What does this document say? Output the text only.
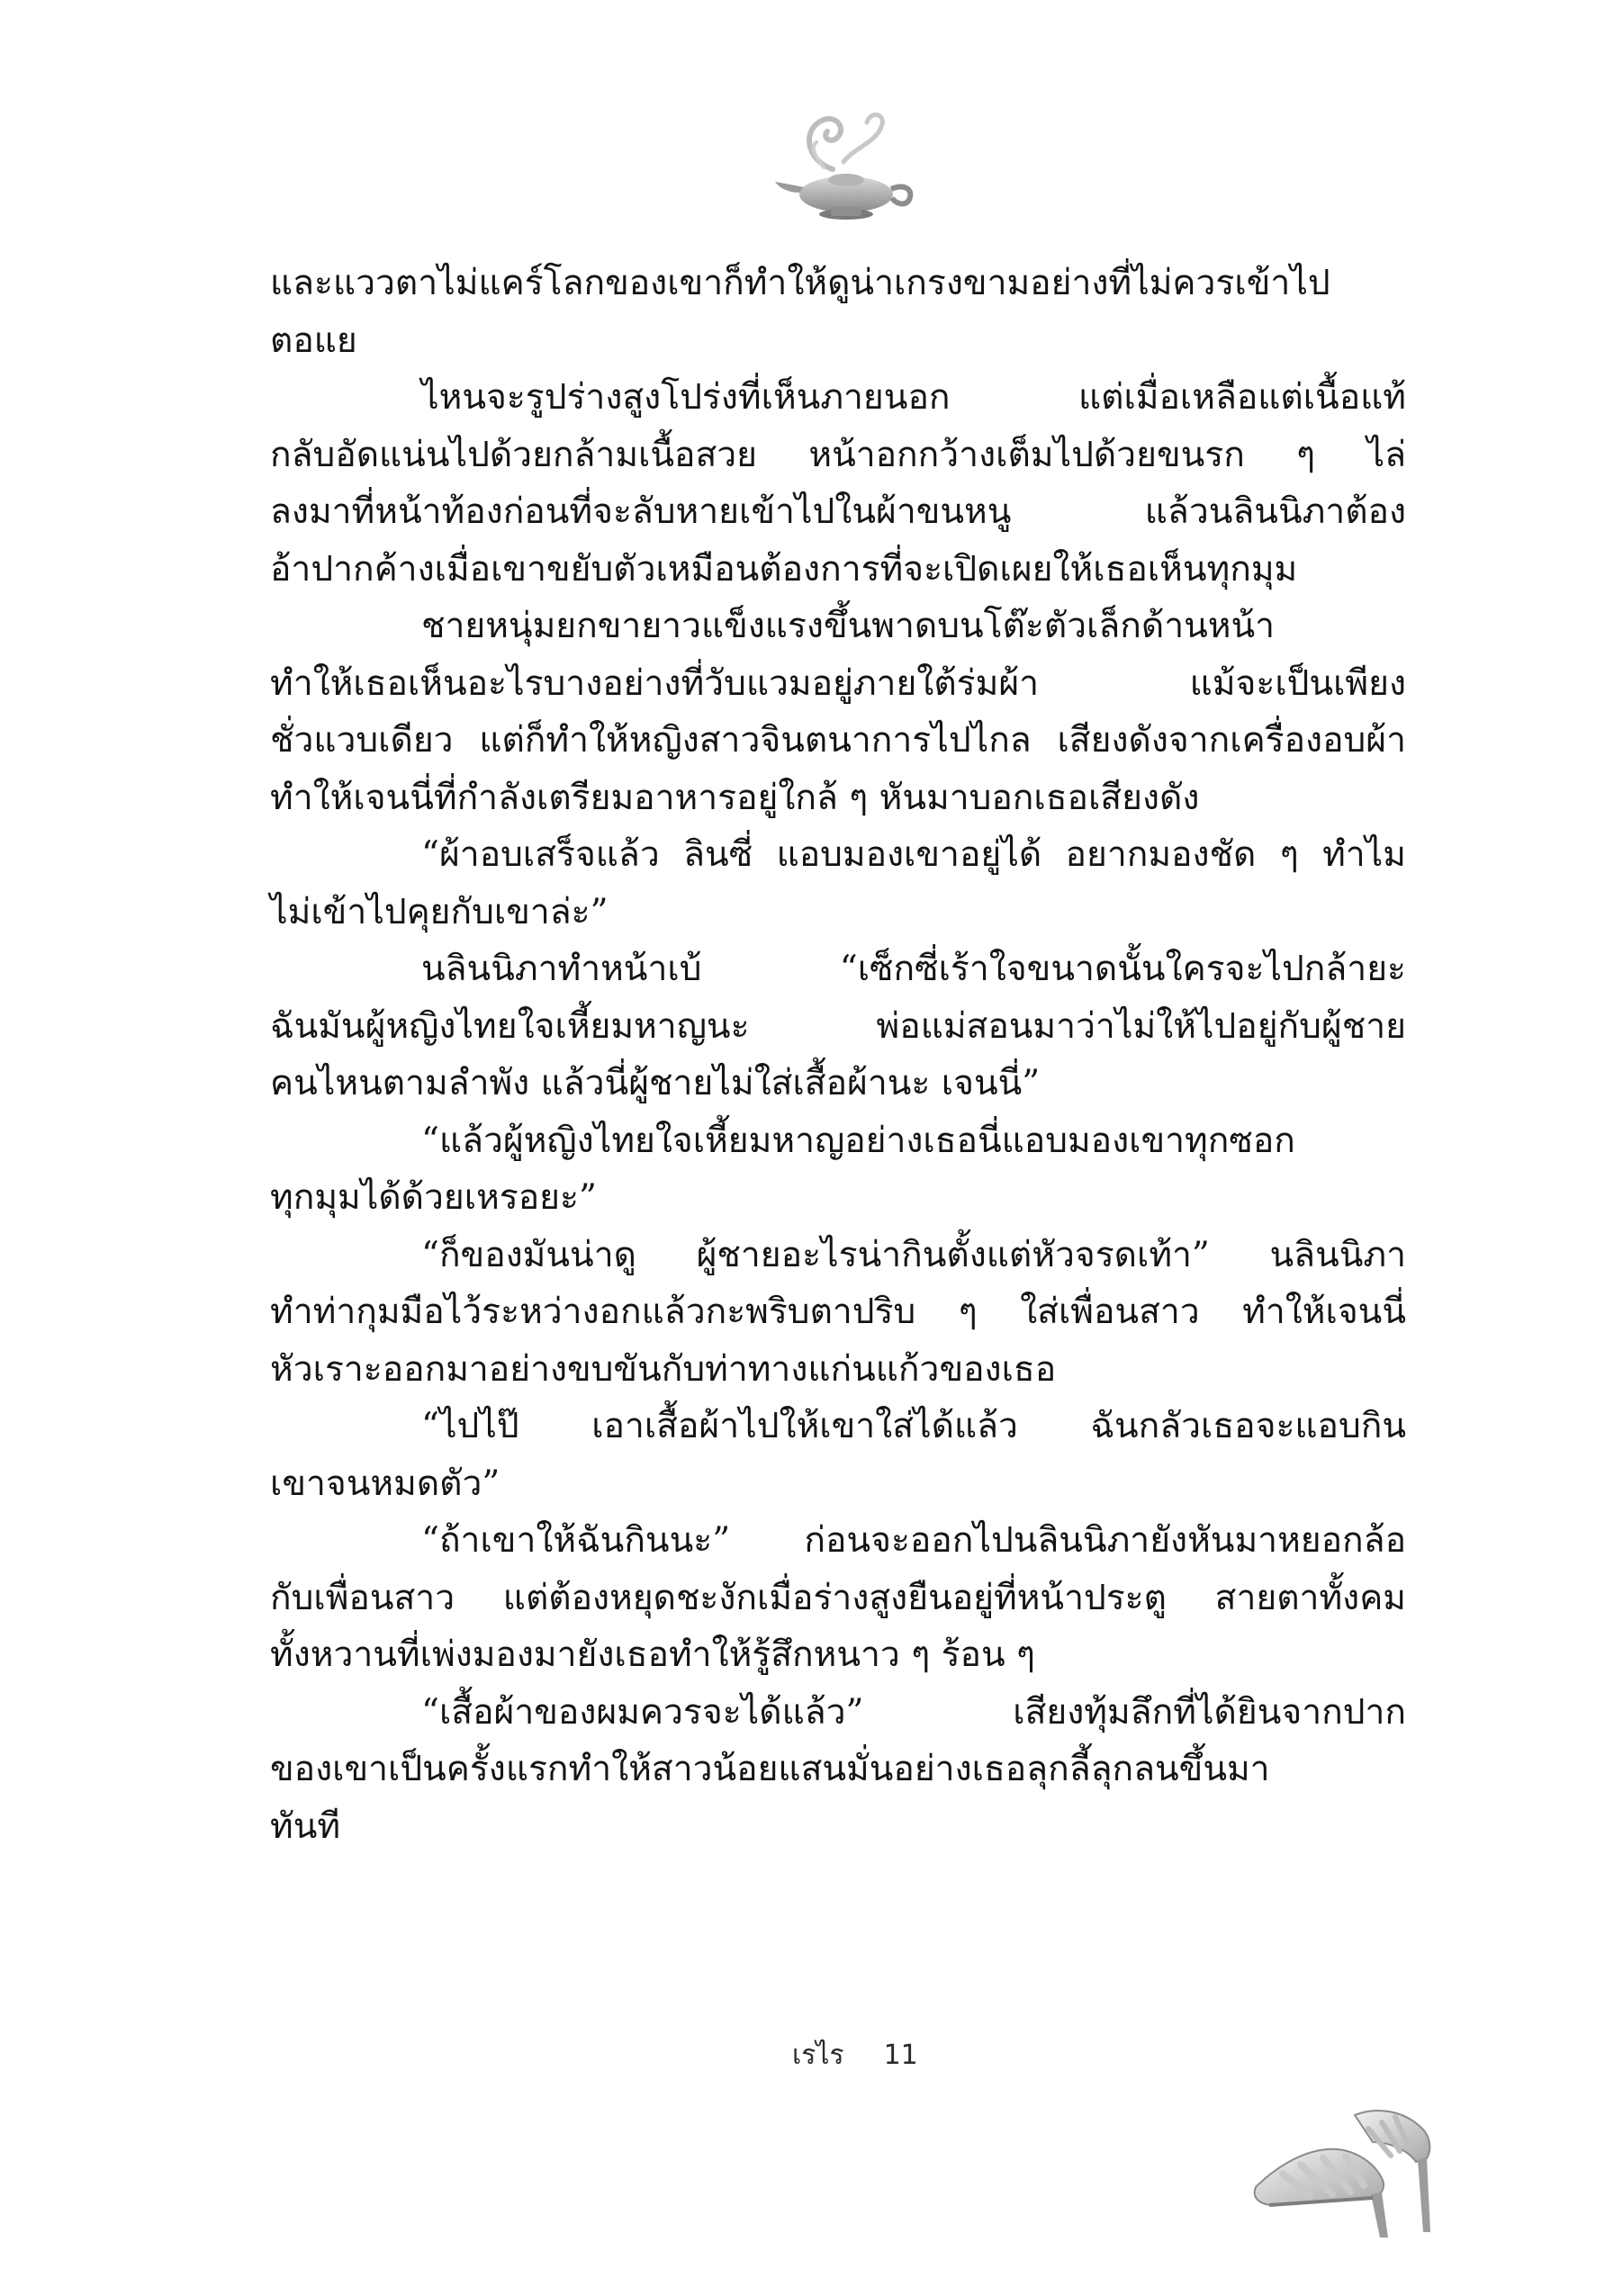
และแววตาไม่แคร์โลกของเขาก็ทำให้ดูน่าเกรงขามอย่างที่ไม่ควรเข้าไป
ตอแย
ไหนจะรูปร่างสูงโปร่งที่เห็นภายนอก แต่เมื่อเหลือแต่เนื้อแท้
กลับอัดแน่นไปด้วยกล้ามเนื้อสวย หน้าอกกว้างเต็มไปด้วยขนรก ๆ ไล่
ลงมาที่หน้าท้องก่อนที่จะลับหายเข้าไปในผ้าขนหนู แล้วนลินนิภาต้อง
อ้าปากค้างเมื่อเขาขยับตัวเหมือนต้องการที่จะเปิดเผยให้เธอเห็นทุกมุม
ชายหนุ่มยกขายาวแข็งแรงขึ้นพาดบนโต๊ะตัวเล็กด้านหน้า
ทำให้เธอเห็นอะไรบางอย่างที่วับแวมอยู่ภายใต้ร่มผ้า แม้จะเป็นเพียง
ชั่วแวบเดียว แต่ก็ทำให้หญิงสาวจินตนาการไปไกล เสียงดังจากเครื่องอบผ้า
ทำให้เจนนี่ที่กำลังเตรียมอาหารอยู่ใกล้ ๆ หันมาบอกเธอเสียงดัง
“ผ้าอบเสร็จแล้ว ลินซี่ แอบมองเขาอยู่ได้ อยากมองชัด ๆ ทำไม
ไม่เข้าไปคุยกับเขาล่ะ”
นลินนิภาทำหน้าเบ้ “เซ็กซี่เร้าใจขนาดนั้นใครจะไปกล้ายะ
ฉันมันผู้หญิงไทยใจเหี้ยมหาญนะ พ่อแม่สอนมาว่าไม่ให้ไปอยู่กับผู้ชาย
คนไหนตามลำพัง แล้วนี่ผู้ชายไม่ใส่เสื้อผ้านะ เจนนี่”
“แล้วผู้หญิงไทยใจเหี้ยมหาญอย่างเธอนี่แอบมองเขาทุกซอก
ทุกมุมได้ด้วยเหรอยะ”
“ก็ของมันน่าดู ผู้ชายอะไรน่ากินตั้งแต่หัวจรดเท้า” นลินนิภา
ทำท่ากุมมือไว้ระหว่างอกแล้วกะพริบตาปริบ ๆ ใส่เพื่อนสาว ทำให้เจนนี่
หัวเราะออกมาอย่างขบขันกับท่าทางแก่นแก้วของเธอ
“ไปไป๊ เอาเสื้อผ้าไปให้เขาใส่ได้แล้ว ฉันกลัวเธอจะแอบกิน
เขาจนหมดตัว”
“ถ้าเขาให้ฉันกินนะ” ก่อนจะออกไปนลินนิภายังหันมาหยอกล้อ
กับเพื่อนสาว แต่ต้องหยุดชะงักเมื่อร่างสูงยืนอยู่ที่หน้าประตู สายตาทั้งคม
ทั้งหวานที่เพ่งมองมายังเธอทำให้รู้สึกหนาว ๆ ร้อน ๆ
“เสื้อผ้าของผมควรจะได้แล้ว” เสียงทุ้มลึกที่ได้ยินจากปาก
ของเขาเป็นครั้งแรกทำให้สาวน้อยแสนมั่นอย่างเธอลุกลี้ลุกลนขึ้นมา
ทันที
เรไร 11
